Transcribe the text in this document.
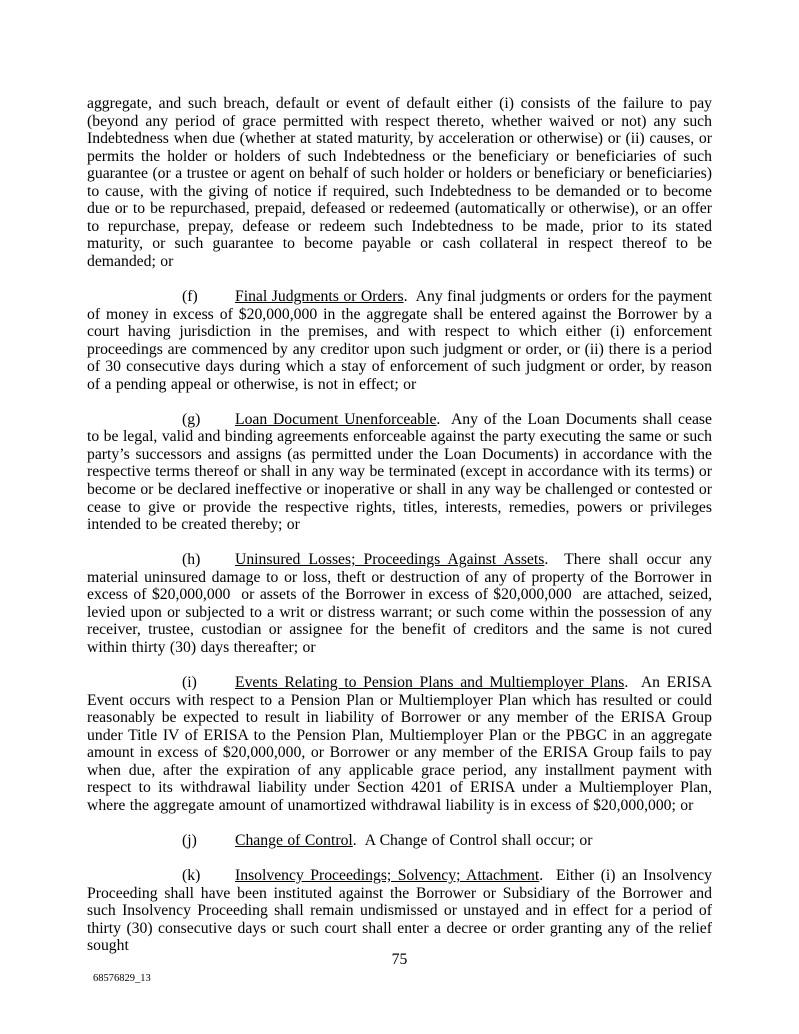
aggregate, and such breach, default or event of default either (i) consists of the failure to pay (beyond any period of grace permitted with respect thereto, whether waived or not) any such Indebtedness when due (whether at stated maturity, by acceleration or otherwise) or (ii) causes, or permits the holder or holders of such Indebtedness or the beneficiary or beneficiaries of such guarantee (or a trustee or agent on behalf of such holder or holders or beneficiary or beneficiaries) to cause, with the giving of notice if required, such Indebtedness to be demanded or to become due or to be repurchased, prepaid, defeased or redeemed (automatically or otherwise), or an offer to repurchase, prepay, defease or redeem such Indebtedness to be made, prior to its stated maturity, or such guarantee to become payable or cash collateral in respect thereof to be demanded; or

(f) Final Judgments or Orders.  Any final judgments or orders for the payment of money in excess of $20,000,000 in the aggregate shall be entered against the Borrower by a court having jurisdiction in the premises, and with respect to which either (i) enforcement proceedings are commenced by any creditor upon such judgment or order, or (ii) there is a period of 30 consecutive days during which a stay of enforcement of such judgment or order, by reason of a pending appeal or otherwise, is not in effect; or

(g) Loan Document Unenforceable.  Any of the Loan Documents shall cease to be legal, valid and binding agreements enforceable against the party executing the same or such party’s successors and assigns (as permitted under the Loan Documents) in accordance with the respective terms thereof or shall in any way be terminated (except in accordance with its terms) or become or be declared ineffective or inoperative or shall in any way be challenged or contested or cease to give or provide the respective rights, titles, interests, remedies, powers or privileges intended to be created thereby; or

(h) Uninsured Losses; Proceedings Against Assets.  There shall occur any material uninsured damage to or loss, theft or destruction of any of property of the Borrower in excess of $20,000,000  or assets of the Borrower in excess of $20,000,000  are attached, seized, levied upon or subjected to a writ or distress warrant; or such come within the possession of any receiver, trustee, custodian or assignee for the benefit of creditors and the same is not cured within thirty (30) days thereafter; or

(i) Events Relating to Pension Plans and Multiemployer Plans.  An ERISA Event occurs with respect to a Pension Plan or Multiemployer Plan which has resulted or could reasonably be expected to result in liability of Borrower or any member of the ERISA Group under Title IV of ERISA to the Pension Plan, Multiemployer Plan or the PBGC in an aggregate amount in excess of $20,000,000, or Borrower or any member of the ERISA Group fails to pay when due, after the expiration of any applicable grace period, any installment payment with respect to its withdrawal liability under Section 4201 of ERISA under a Multiemployer Plan, where the aggregate amount of unamortized withdrawal liability is in excess of $20,000,000; or

(j) Change of Control.  A Change of Control shall occur; or

(k) Insolvency Proceedings; Solvency; Attachment.  Either (i) an Insolvency Proceeding shall have been instituted against the Borrower or Subsidiary of the Borrower and such Insolvency Proceeding shall remain undismissed or unstayed and in effect for a period of thirty (30) consecutive days or such court shall enter a decree or order granting any of the relief sought

75
68576829_13
